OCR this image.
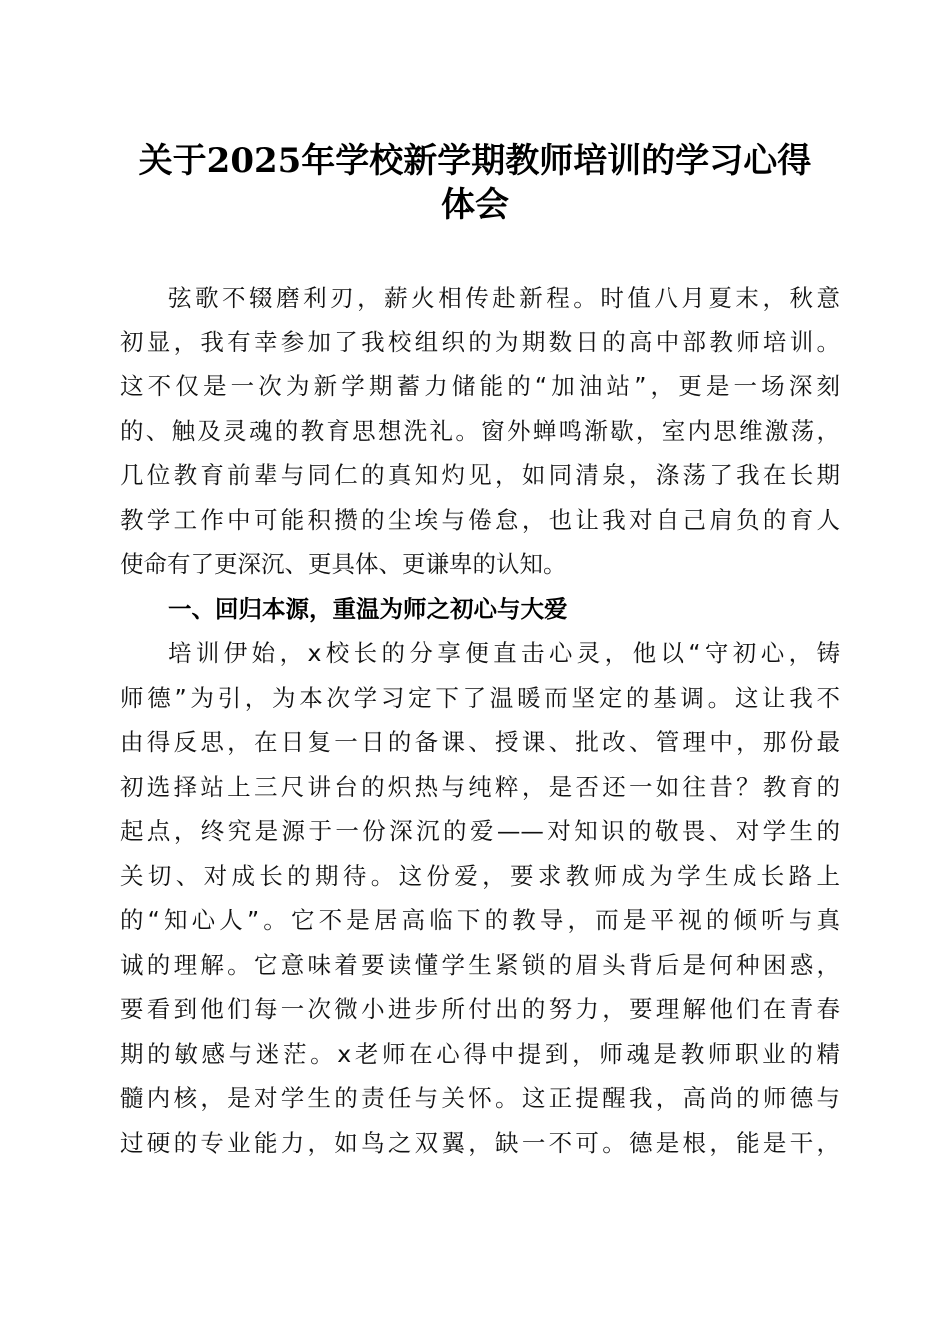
关于2025年学校新学期教师培训的学习心得
体会

弦歌不辍磨利刃，薪火相传赴新程。时值八月夏末，秋意

初显，我有幸参加了我校组织的为期数日的高中部教师培训。

这不仅是一次为新学期蓄力储能的“加油站”，更是一场深刻

的、触及灵魂的教育思想洗礼。窗外蝉鸣渐歇，室内思维激荡，

几位教育前辈与同仁的真知灼见，如同清泉，涤荡了我在长期

教学工作中可能积攒的尘埃与倦怠，也让我对自己肩负的育人

使命有了更深沉、更具体、更谦卑的认知。

一、回归本源，重温为师之初心与大爱

培训伊始，x校长的分享便直击心灵，他以“守初心，铸

师德”为引，为本次学习定下了温暖而坚定的基调。这让我不

由得反思，在日复一日的备课、授课、批改、管理中，那份最

初选择站上三尺讲台的炽热与纯粹，是否还一如往昔？教育的

起点，终究是源于一份深沉的爱——对知识的敬畏、对学生的

关切、对成长的期待。这份爱，要求教师成为学生成长路上

的“知心人”。它不是居高临下的教导，而是平视的倾听与真

诚的理解。它意味着要读懂学生紧锁的眉头背后是何种困惑，

要看到他们每一次微小进步所付出的努力，要理解他们在青春

期的敏感与迷茫。x老师在心得中提到，师魂是教师职业的精

髓内核，是对学生的责任与关怀。这正提醒我，高尚的师德与

过硬的专业能力，如鸟之双翼，缺一不可。德是根，能是干，
